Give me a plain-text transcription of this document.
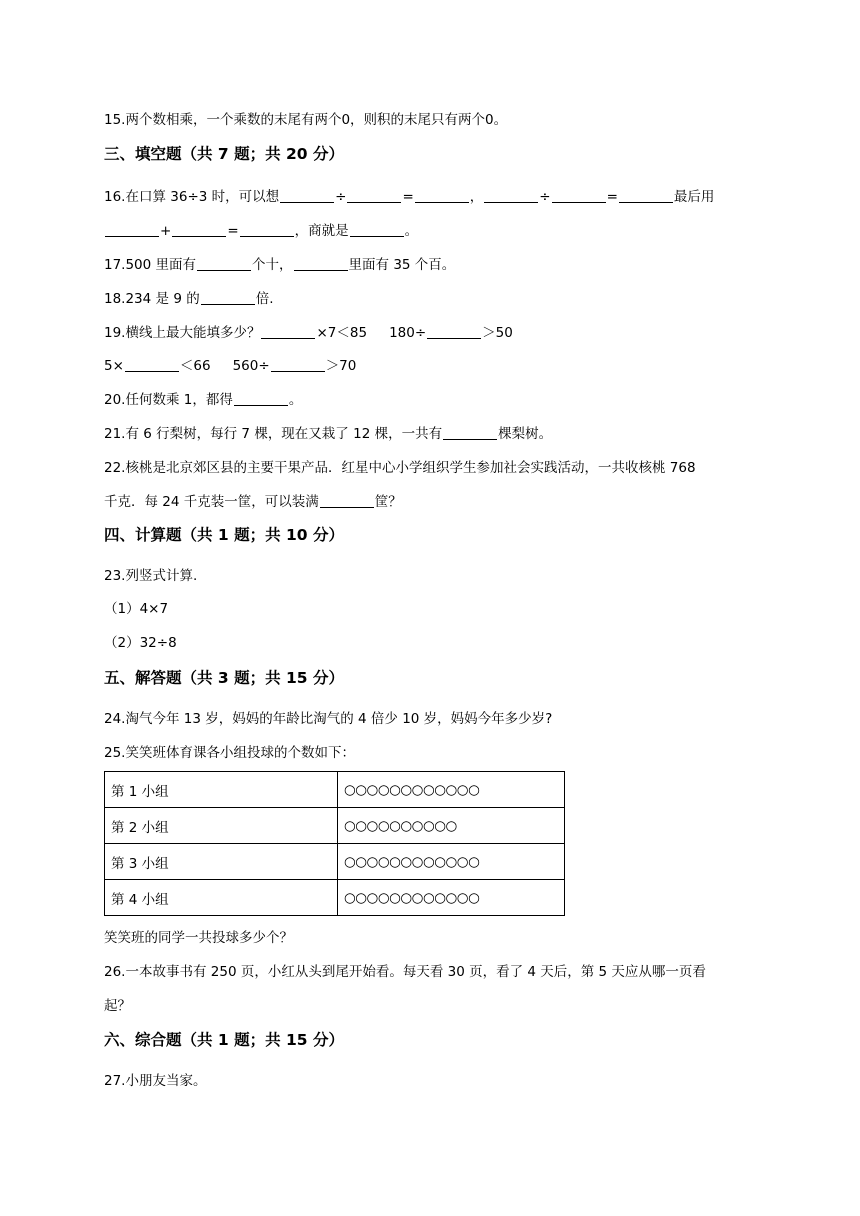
15.两个数相乘，一个乘数的末尾有两个0，则积的末尾只有两个0。
三、填空题（共 7 题；共 20 分）
16.在口算 36÷3 时，可以想	÷	=	，	÷	=	最后用
+	=	，商就是	。
17.500 里面有	个十，	里面有 35 个百。
18.234 是 9 的	倍.
19.横线上最大能填多少？	×7＜85 180÷	＞50
5×	＜66 560÷	＞70
20.任何数乘 1，都得	。
21.有 6 行梨树，每行 7 棵，现在又栽了 12 棵，一共有	棵梨树。
22.核桃是北京郊区县的主要干果产品．红星中心小学组织学生参加社会实践活动，一共收核桃 768
千克．每 24 千克装一筐，可以装满	筐？
四、计算题（共 1 题；共 10 分）
23.列竖式计算.
（1）4×7
（2）32÷8
五、解答题（共 3 题；共 15 分）
24.淘气今年 13 岁，妈妈的年龄比淘气的 4 倍少 10 岁，妈妈今年多少岁?
25.笑笑班体育课各小组投球的个数如下：
第 1 小组	○○○○○○○○○○○○
第 2 小组	○○○○○○○○○○
第 3 小组	○○○○○○○○○○○○
第 4 小组	○○○○○○○○○○○○
笑笑班的同学一共投球多少个？
26.一本故事书有 250 页，小红从头到尾开始看。每天看 30 页，看了 4 天后，第 5 天应从哪一页看
起？
六、综合题（共 1 题；共 15 分）
27.小朋友当家。
